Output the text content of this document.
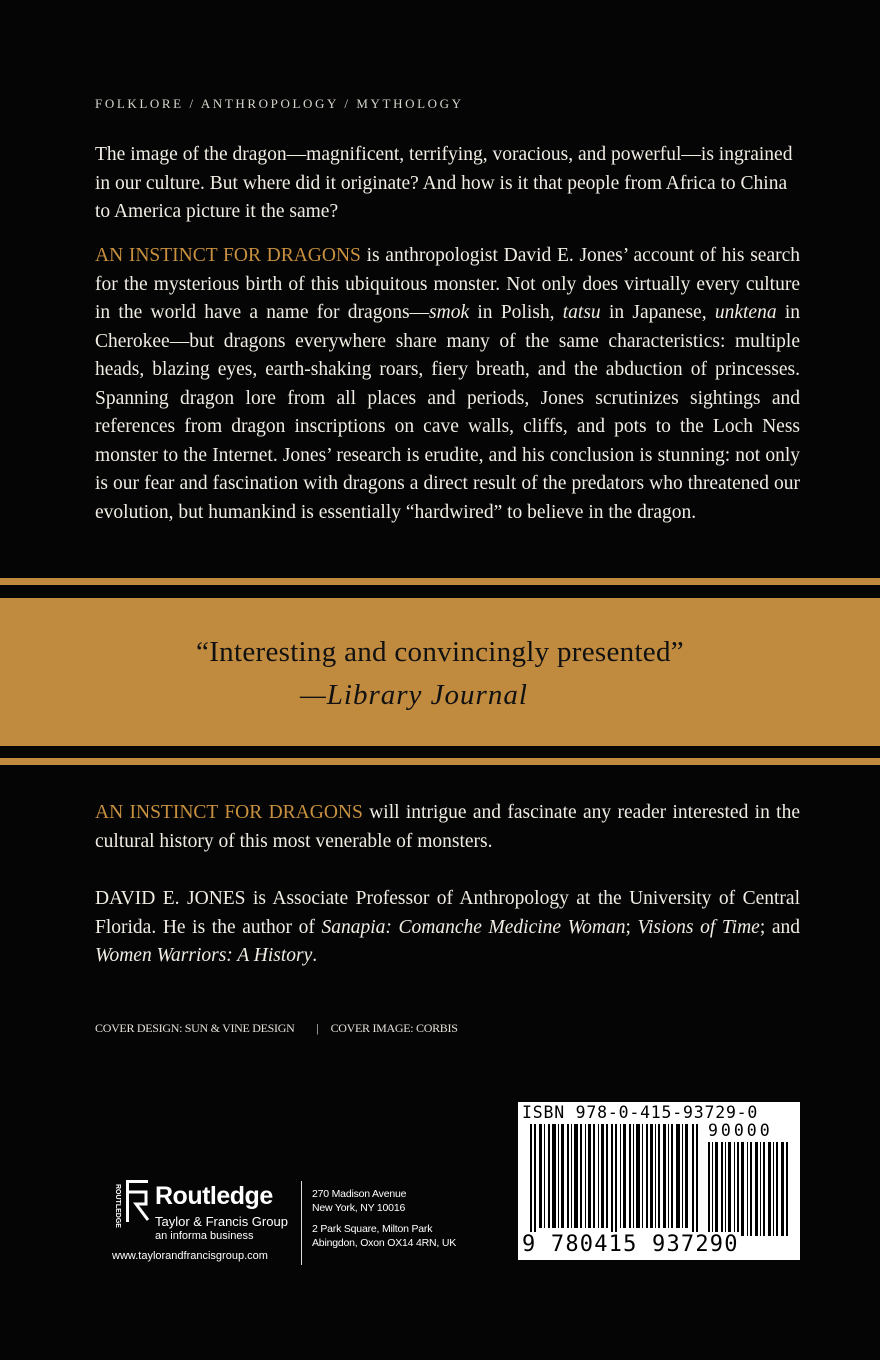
FOLKLORE / ANTHROPOLOGY / MYTHOLOGY

The image of the dragon—magnificent, terrifying, voracious, and powerful—is ingrained in our culture. But where did it originate? And how is it that people from Africa to China to America picture it the same?

AN INSTINCT FOR DRAGONS is anthropologist David E. Jones’ account of his search for the mysterious birth of this ubiquitous monster. Not only does virtually every culture in the world have a name for dragons—smok in Polish, tatsu in Japanese, unktena in Cherokee—but dragons everywhere share many of the same characteristics: multiple heads, blazing eyes, earth-shaking roars, fiery breath, and the abduction of princesses. Spanning dragon lore from all places and periods, Jones scrutinizes sightings and references from dragon inscriptions on cave walls, cliffs, and pots to the Loch Ness monster to the Internet. Jones’ research is erudite, and his conclusion is stunning: not only is our fear and fascination with dragons a direct result of the predators who threatened our evolution, but humankind is essentially “hardwired” to believe in the dragon.

“Interesting and convincingly presented”
—Library Journal

AN INSTINCT FOR DRAGONS will intrigue and fascinate any reader interested in the cultural history of this most venerable of monsters.

DAVID E. JONES is Associate Professor of Anthropology at the University of Central Florida. He is the author of Sanapia: Comanche Medicine Woman; Visions of Time; and Women Warriors: A History.

COVER DESIGN: SUN & VINE DESIGN | COVER IMAGE: CORBIS
ISBN 978-0-415-93729-0
90000
9 780415 937290
ROUTLEDGE Routledge
Taylor & Francis Group
an informa business
www.taylorandfrancisgroup.com
270 Madison Avenue
New York, NY 10016
2 Park Square, Milton Park
Abingdon, Oxon OX14 4RN, UK
